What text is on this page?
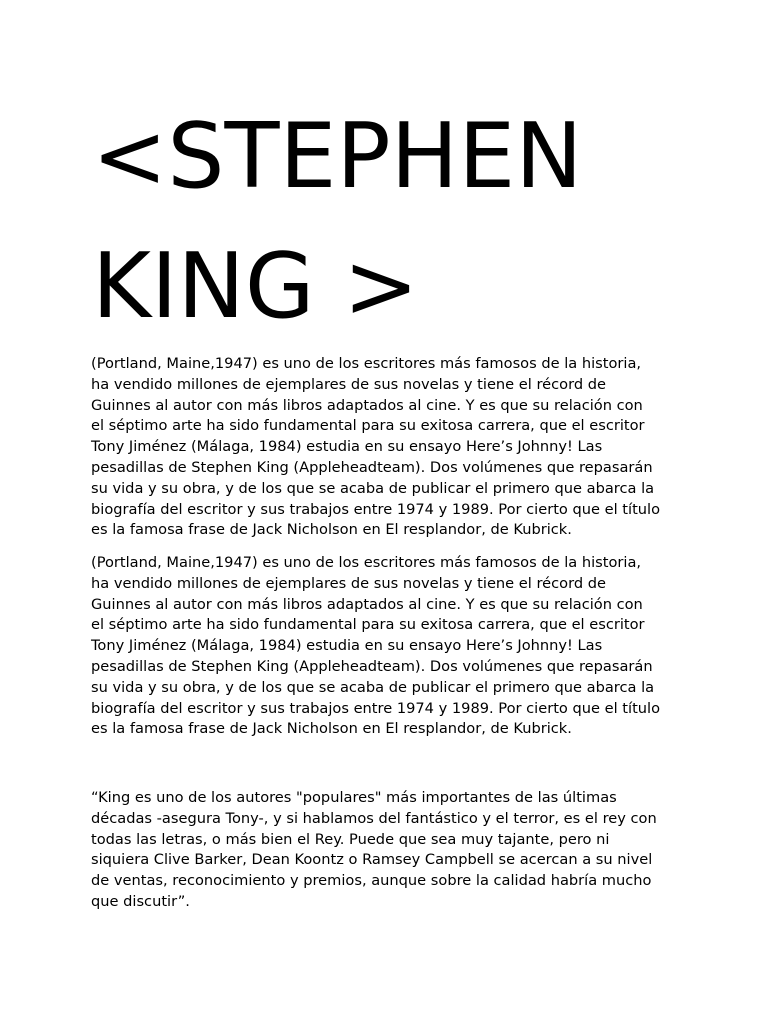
<STEPHEN
KING >

(Portland, Maine,1947) es uno de los escritores más famosos de la historia,
ha vendido millones de ejemplares de sus novelas y tiene el récord de
Guinnes al autor con más libros adaptados al cine. Y es que su relación con
el séptimo arte ha sido fundamental para su exitosa carrera, que el escritor
Tony Jiménez (Málaga, 1984) estudia en su ensayo Here’s Johnny! Las
pesadillas de Stephen King (Appleheadteam). Dos volúmenes que repasarán
su vida y su obra, y de los que se acaba de publicar el primero que abarca la
biografía del escritor y sus trabajos entre 1974 y 1989. Por cierto que el título
es la famosa frase de Jack Nicholson en El resplandor, de Kubrick.

(Portland, Maine,1947) es uno de los escritores más famosos de la historia,
ha vendido millones de ejemplares de sus novelas y tiene el récord de
Guinnes al autor con más libros adaptados al cine. Y es que su relación con
el séptimo arte ha sido fundamental para su exitosa carrera, que el escritor
Tony Jiménez (Málaga, 1984) estudia en su ensayo Here’s Johnny! Las
pesadillas de Stephen King (Appleheadteam). Dos volúmenes que repasarán
su vida y su obra, y de los que se acaba de publicar el primero que abarca la
biografía del escritor y sus trabajos entre 1974 y 1989. Por cierto que el título
es la famosa frase de Jack Nicholson en El resplandor, de Kubrick.

“King es uno de los autores "populares" más importantes de las últimas
décadas -asegura Tony-, y si hablamos del fantástico y el terror, es el rey con
todas las letras, o más bien el Rey. Puede que sea muy tajante, pero ni
siquiera Clive Barker, Dean Koontz o Ramsey Campbell se acercan a su nivel
de ventas, reconocimiento y premios, aunque sobre la calidad habría mucho
que discutir”.
